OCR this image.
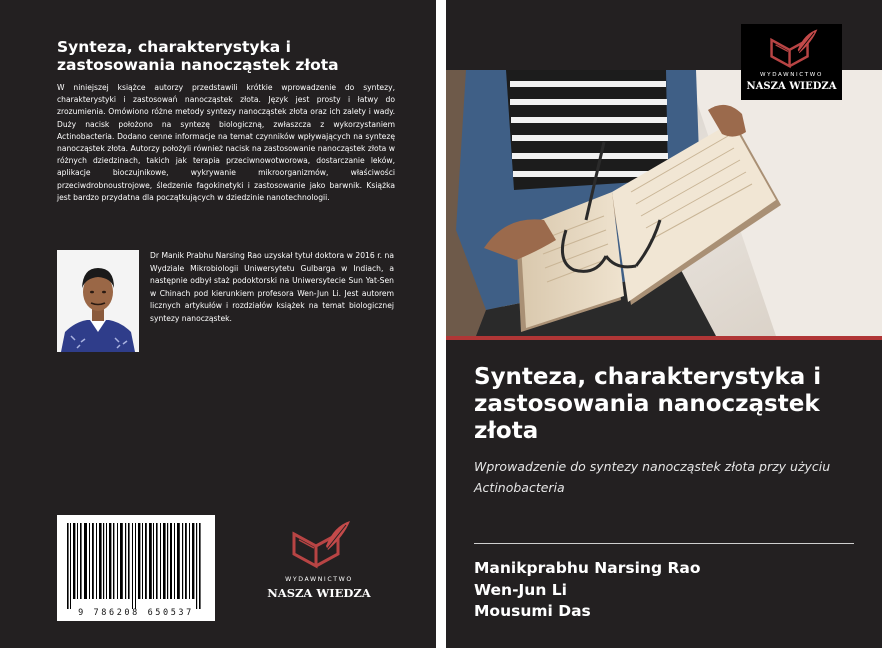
Synteza, charakterystyka i zastosowania nanocząstek złota

W niniejszej książce autorzy przedstawili krótkie wprowadzenie do syntezy, charakterystyki i zastosowań nanocząstek złota. Język jest prosty i łatwy do zrozumienia. Omówiono różne metody syntezy nanocząstek złota oraz ich zalety i wady. Duży nacisk położono na syntezę biologiczną, zwłaszcza z wykorzystaniem Actinobacteria. Dodano cenne informacje na temat czynników wpływających na syntezę nanocząstek złota. Autorzy położyli również nacisk na zastosowanie nanocząstek złota w różnych dziedzinach, takich jak terapia przeciwnowotworowa, dostarczanie leków, aplikacje bioczujnikowe, wykrywanie mikroorganizmów, właściwości przeciwdrobnoustrojowe, śledzenie fagokinetyki i zastosowanie jako barwnik. Książka jest bardzo przydatna dla początkujących w dziedzinie nanotechnologii.

Dr Manik Prabhu Narsing Rao uzyskał tytuł doktora w 2016 r. na Wydziale Mikrobiologii Uniwersytetu Gulbarga w Indiach, a następnie odbył staż podoktorski na Uniwersytecie Sun Yat-Sen w Chinach pod kierunkiem profesora Wen-Jun Li. Jest autorem licznych artykułów i rozdziałów książek na temat biologicznej syntezy nanocząstek.

9 786208 650537
WYDAWNICTWO
NASZA WIEDZA
WYDAWNICTWO
NASZA WIEDZA
Synteza, charakterystyka i zastosowania nanocząstek złota

Wprowadzenie do syntezy nanocząstek złota przy użyciu Actinobacteria

Manikprabhu Narsing Rao
Wen-Jun Li
Mousumi Das
